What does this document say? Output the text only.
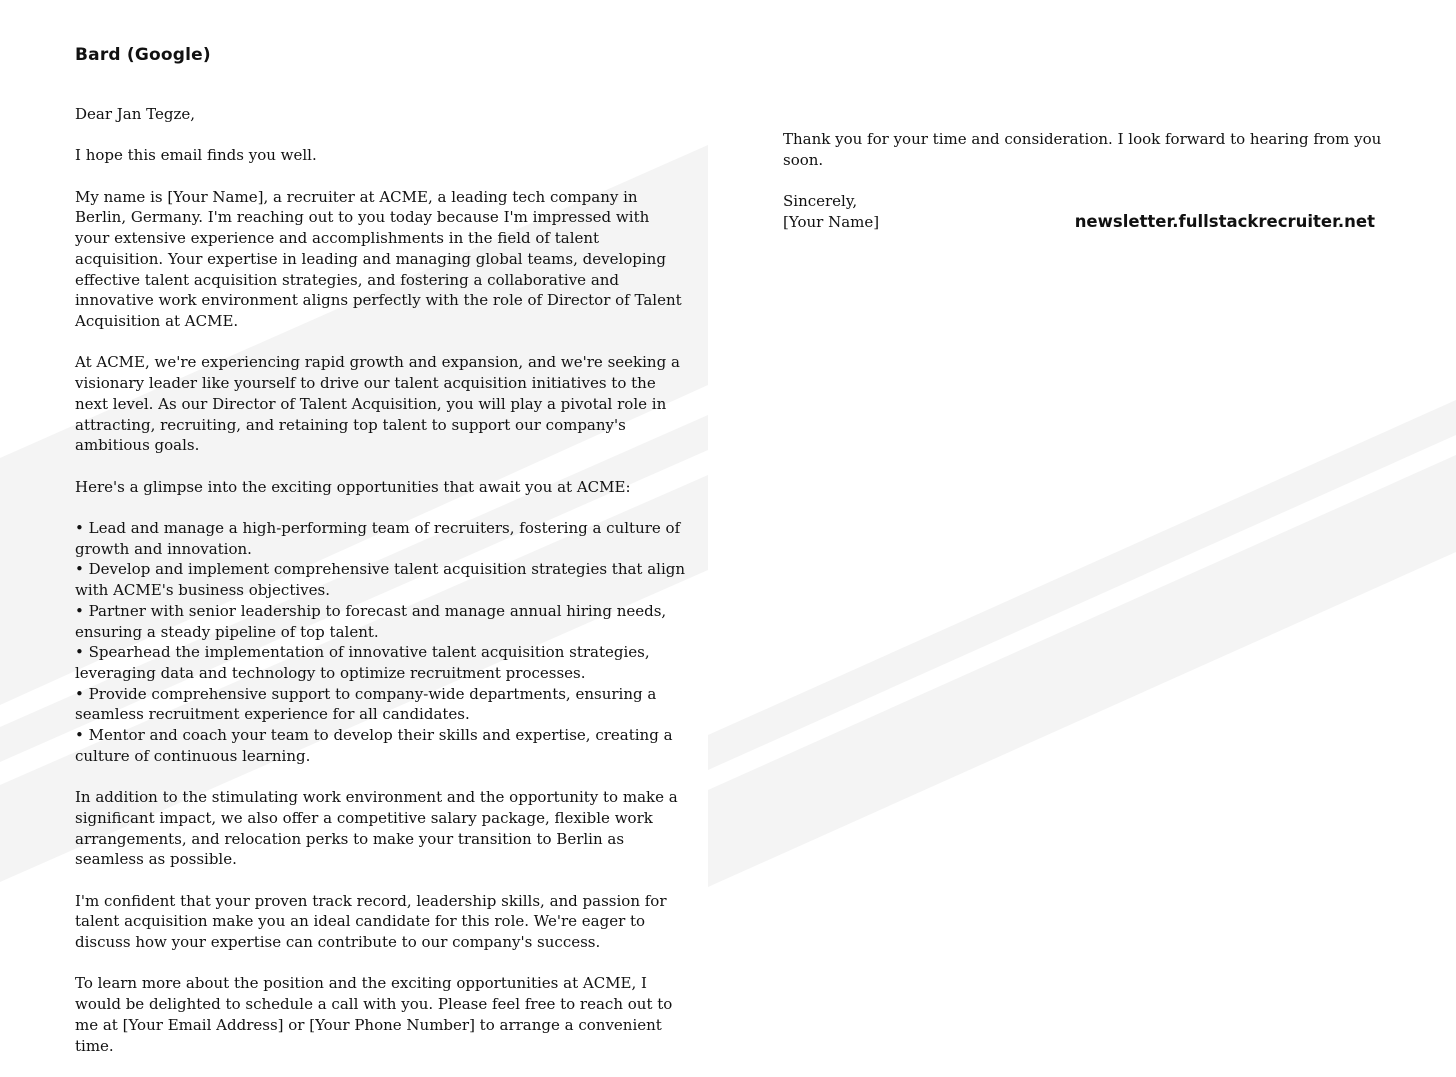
Bard (Google)

Dear Jan Tegze,

I hope this email finds you well.

My name is [Your Name], a recruiter at ACME, a leading tech company in Berlin, Germany. I'm reaching out to you today because I'm impressed with your extensive experience and accomplishments in the field of talent acquisition. Your expertise in leading and managing global teams, developing effective talent acquisition strategies, and fostering a collaborative and innovative work environment aligns perfectly with the role of Director of Talent Acquisition at ACME.

At ACME, we're experiencing rapid growth and expansion, and we're seeking a visionary leader like yourself to drive our talent acquisition initiatives to the next level. As our Director of Talent Acquisition, you will play a pivotal role in attracting, recruiting, and retaining top talent to support our company's ambitious goals.

Here's a glimpse into the exciting opportunities that await you at ACME:

• Lead and manage a high-performing team of recruiters, fostering a culture of growth and innovation.
• Develop and implement comprehensive talent acquisition strategies that align with ACME's business objectives.
• Partner with senior leadership to forecast and manage annual hiring needs, ensuring a steady pipeline of top talent.
• Spearhead the implementation of innovative talent acquisition strategies, leveraging data and technology to optimize recruitment processes.
• Provide comprehensive support to company-wide departments, ensuring a seamless recruitment experience for all candidates.
• Mentor and coach your team to develop their skills and expertise, creating a culture of continuous learning.

In addition to the stimulating work environment and the opportunity to make a significant impact, we also offer a competitive salary package, flexible work arrangements, and relocation perks to make your transition to Berlin as seamless as possible.

I'm confident that your proven track record, leadership skills, and passion for talent acquisition make you an ideal candidate for this role. We're eager to discuss how your expertise can contribute to our company's success.

To learn more about the position and the exciting opportunities at ACME, I would be delighted to schedule a call with you. Please feel free to reach out to me at [Your Email Address] or [Your Phone Number] to arrange a convenient time.

Thank you for your time and consideration. I look forward to hearing from you soon.

Sincerely,
[Your Name]	newsletter.fullstackrecruiter.net
